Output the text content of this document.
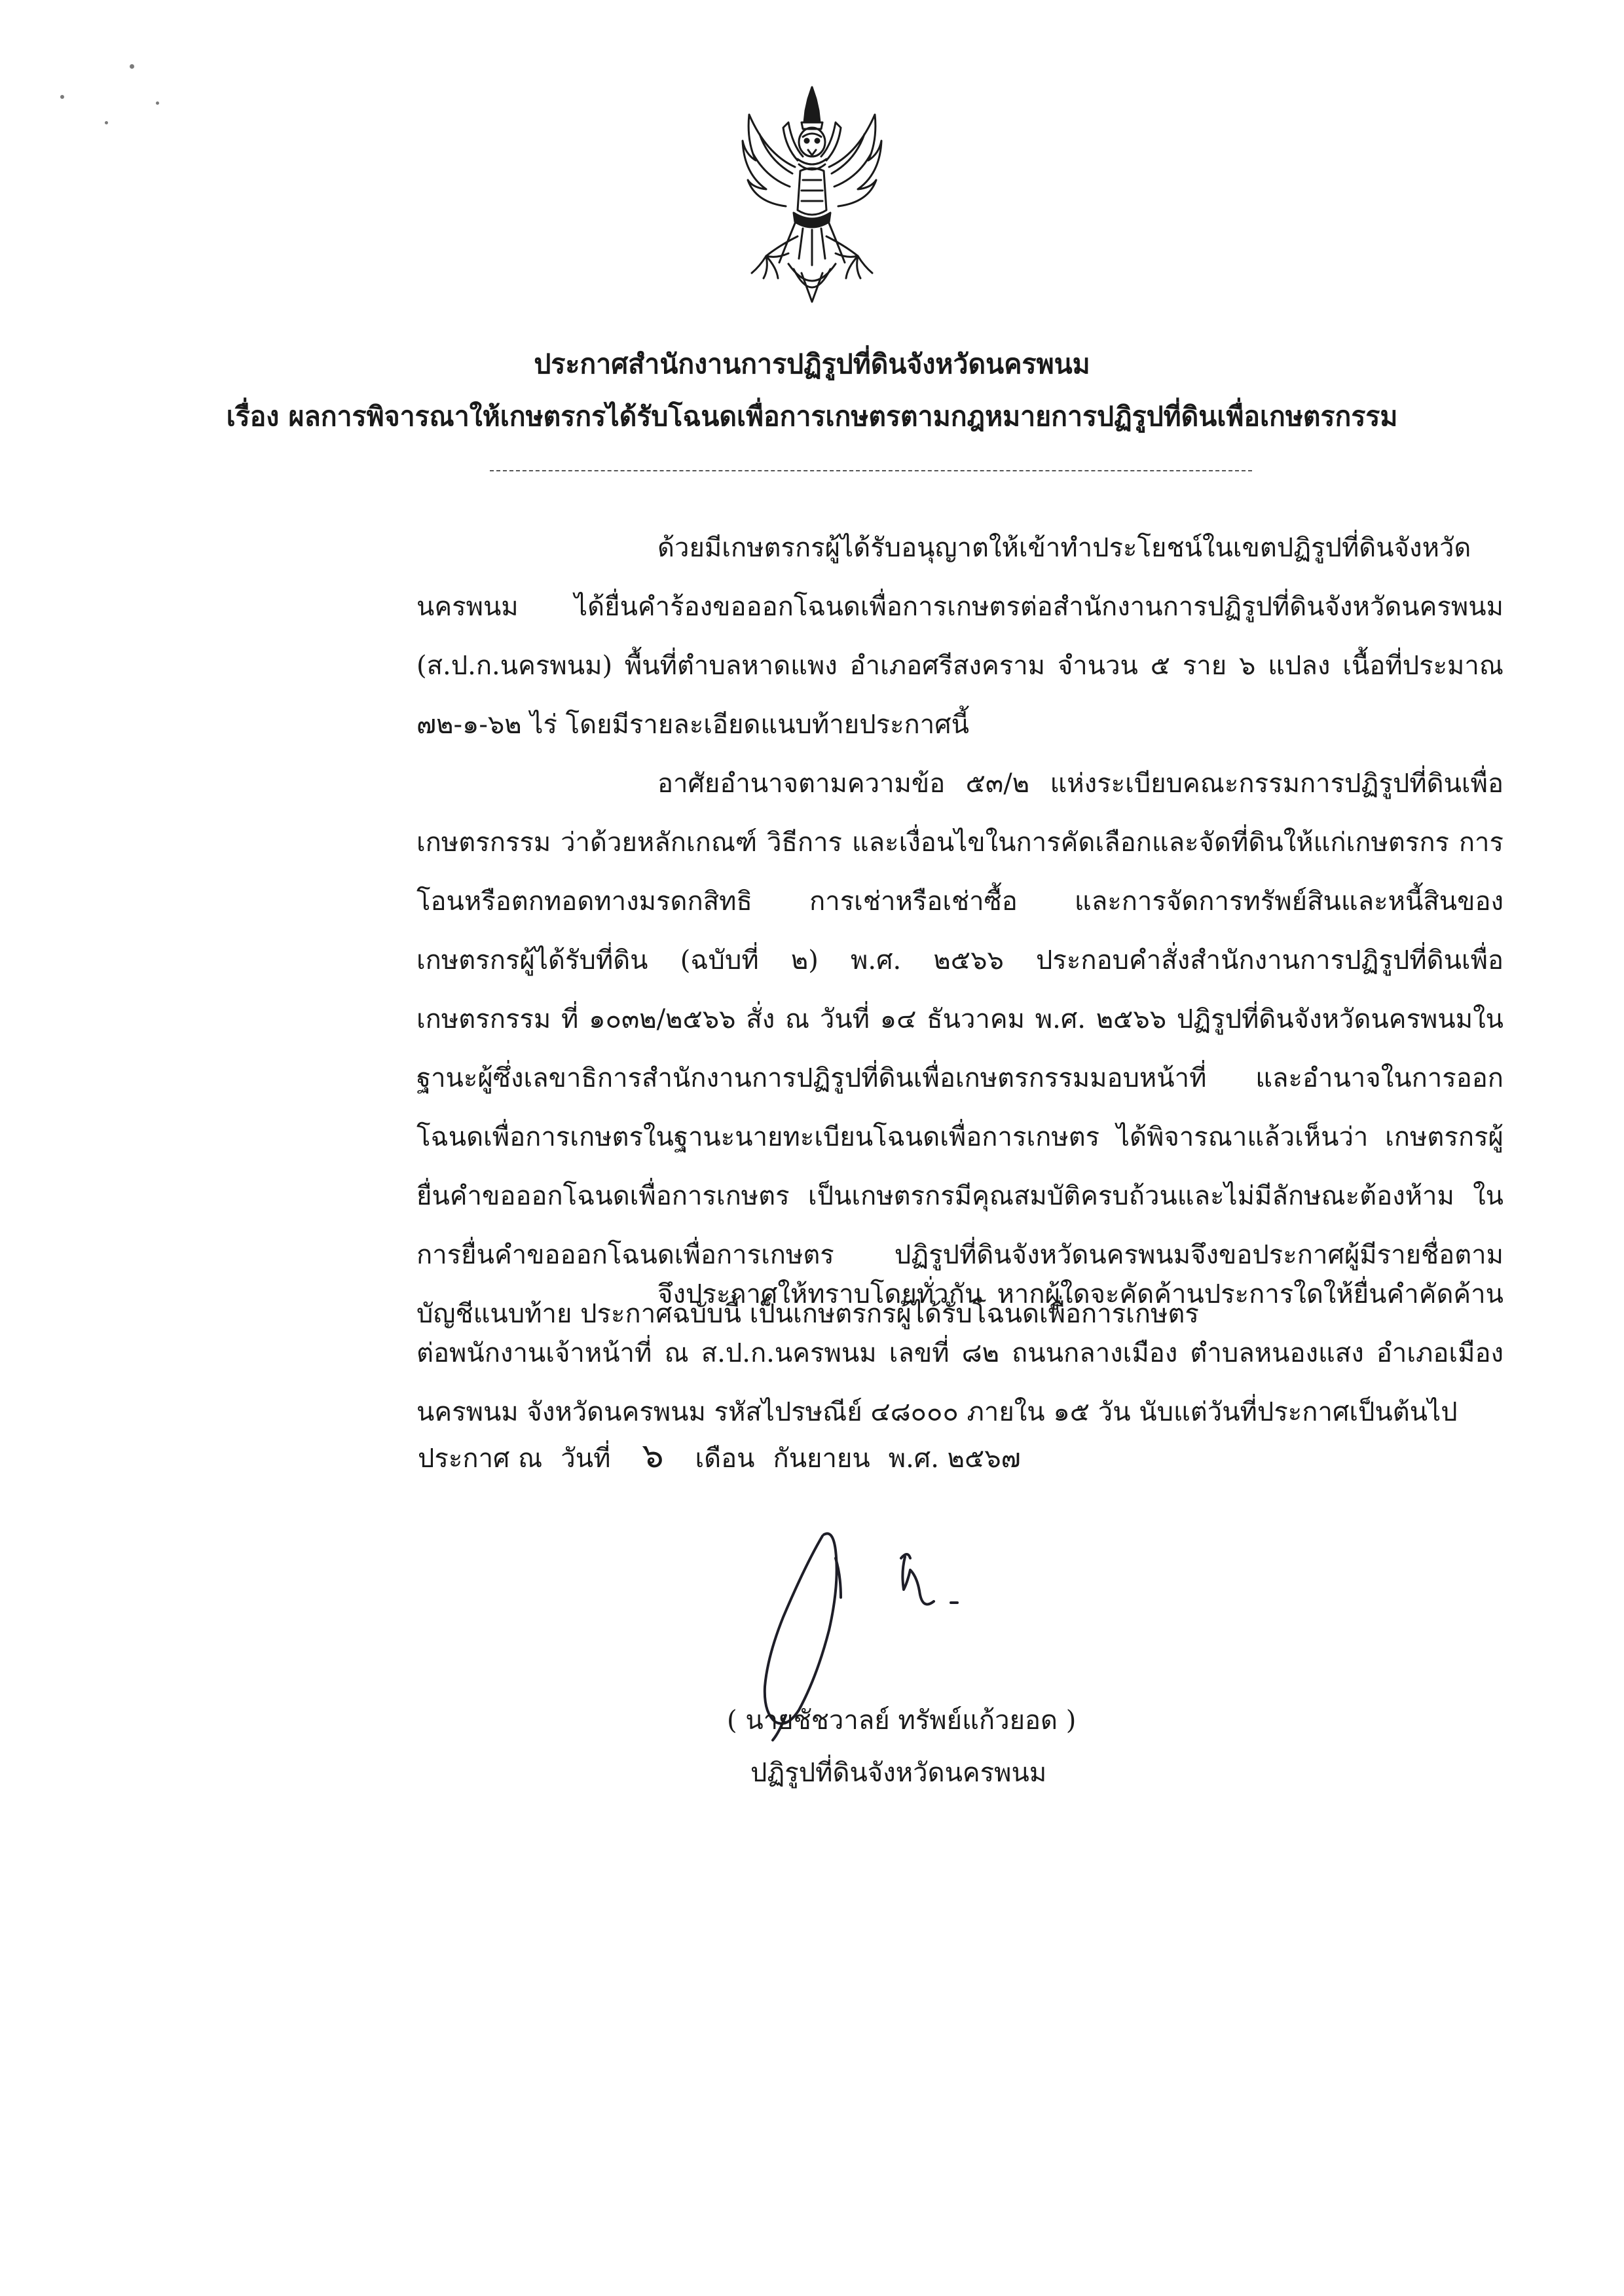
ประกาศสำนักงานการปฏิรูปที่ดินจังหวัดนครพนม
เรื่อง ผลการพิจารณาให้เกษตรกรได้รับโฉนดเพื่อการเกษตรตามกฎหมายการปฏิรูปที่ดินเพื่อเกษตรกรรม

ด้วยมีเกษตรกรผู้ได้รับอนุญาตให้เข้าทำประโยชน์ในเขตปฏิรูปที่ดินจังหวัดนครพนม ได้ยื่นคำร้องขอออกโฉนดเพื่อการเกษตรต่อสำนักงานการปฏิรูปที่ดินจังหวัดนครพนม (ส.ป.ก.นครพนม) พื้นที่ตำบลหาดแพง อำเภอศรีสงคราม จำนวน ๕ ราย ๖ แปลง เนื้อที่ประมาณ ๗๒-๑-๖๒ ไร่ โดยมีรายละเอียดแนบท้ายประกาศนี้

อาศัยอำนาจตามความข้อ ๕๓/๒ แห่งระเบียบคณะกรรมการปฏิรูปที่ดินเพื่อเกษตรกรรม ว่าด้วยหลักเกณฑ์ วิธีการ และเงื่อนไขในการคัดเลือกและจัดที่ดินให้แก่เกษตรกร การโอนหรือตกทอดทางมรดกสิทธิ การเช่าหรือเช่าซื้อ และการจัดการทรัพย์สินและหนี้สินของเกษตรกรผู้ได้รับที่ดิน (ฉบับที่ ๒) พ.ศ. ๒๕๖๖ ประกอบคำสั่งสำนักงานการปฏิรูปที่ดินเพื่อเกษตรกรรม ที่ ๑๐๓๒/๒๕๖๖ สั่ง ณ วันที่ ๑๔ ธันวาคม พ.ศ. ๒๕๖๖ ปฏิรูปที่ดินจังหวัดนครพนมในฐานะผู้ซึ่งเลขาธิการสำนักงานการปฏิรูปที่ดินเพื่อเกษตรกรรมมอบหน้าที่ และอำนาจในการออกโฉนดเพื่อการเกษตรในฐานะนายทะเบียนโฉนดเพื่อการเกษตร ได้พิจารณาแล้วเห็นว่า เกษตรกรผู้ยื่นคำขอออกโฉนดเพื่อการเกษตร เป็นเกษตรกรมีคุณสมบัติครบถ้วนและไม่มีลักษณะต้องห้าม ในการยื่นคำขอออกโฉนดเพื่อการเกษตร ปฏิรูปที่ดินจังหวัดนครพนมจึงขอประกาศผู้มีรายชื่อตามบัญชีแนบท้าย ประกาศฉบับนี้ เป็นเกษตรกรผู้ได้รับโฉนดเพื่อการเกษตร

จึงประกาศให้ทราบโดยทั่วกัน หากผู้ใดจะคัดค้านประการใดให้ยื่นคำคัดค้านต่อพนักงานเจ้าหน้าที่ ณ ส.ป.ก.นครพนม เลขที่ ๘๒ ถนนกลางเมือง ตำบลหนองแสง อำเภอเมืองนครพนม จังหวัดนครพนม รหัสไปรษณีย์ ๔๘๐๐๐ ภายใน ๑๕ วัน นับแต่วันที่ประกาศเป็นต้นไป

ประกาศ ณ วันที่ ๖ เดือน กันยายน พ.ศ. ๒๕๖๗

( นายชัชวาลย์ ทรัพย์แก้วยอด )

ปฏิรูปที่ดินจังหวัดนครพนม
